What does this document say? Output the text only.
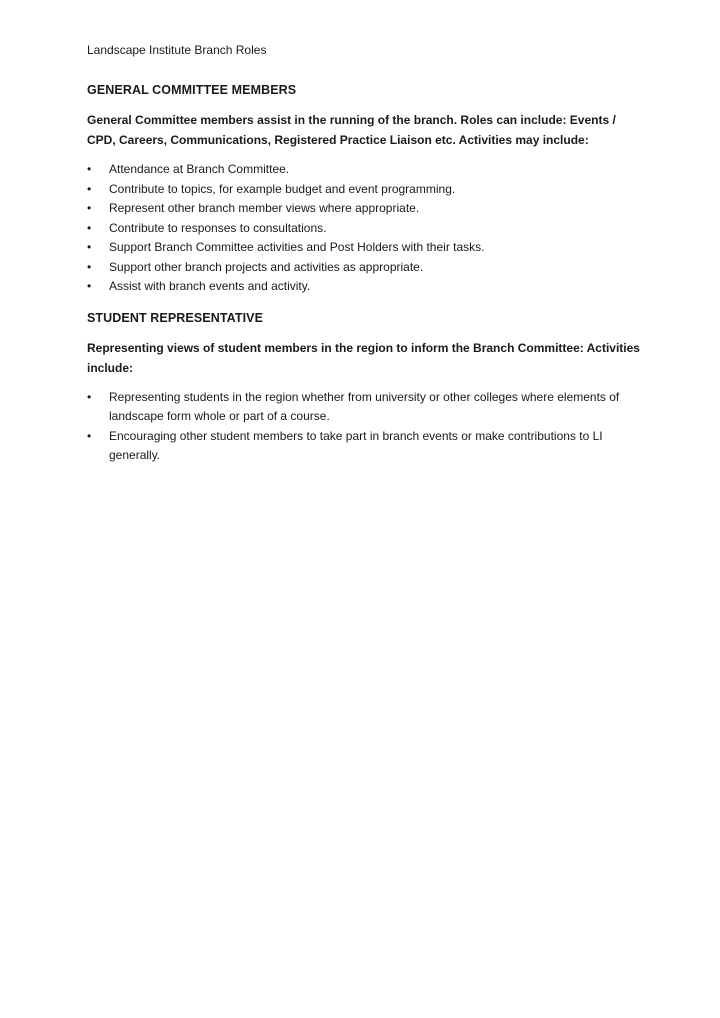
Landscape Institute Branch Roles
GENERAL COMMITTEE MEMBERS
General Committee members assist in the running of the branch. Roles can include: Events / CPD, Careers, Communications, Registered Practice Liaison etc. Activities may include:
•	Attendance at Branch Committee.
•	Contribute to topics, for example budget and event programming.
•	Represent other branch member views where appropriate.
•	Contribute to responses to consultations.
•	Support Branch Committee activities and Post Holders with their tasks.
•	Support other branch projects and activities as appropriate.
•	Assist with branch events and activity.
STUDENT REPRESENTATIVE
Representing views of student members in the region to inform the Branch Committee: Activities include:
•	Representing students in the region whether from university or other colleges where elements of landscape form whole or part of a course.
•	Encouraging other student members to take part in branch events or make contributions to LI generally.
